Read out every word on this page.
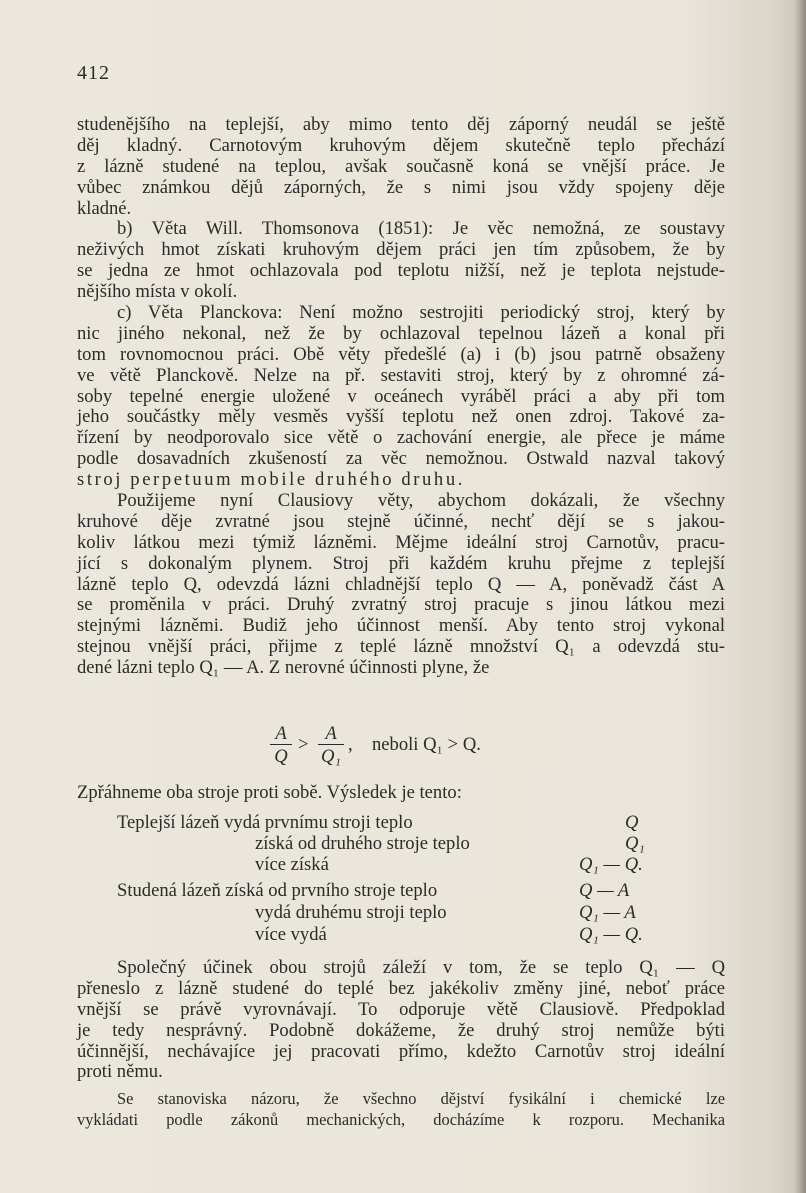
412
studenějšího na teplejší, aby mimo tento děj záporný neudál se ještě
děj kladný. Carnotovým kruhovým dějem skutečně teplo přechází
z lázně studené na teplou, avšak současně koná se vnější práce. Je
vůbec známkou dějů záporných, že s nimi jsou vždy spojeny děje
kladné.
b) Věta Will. Thomsonova (1851): Je věc nemožná, ze soustavy
neživých hmot získati kruhovým dějem práci jen tím způsobem, že by
se jedna ze hmot ochlazovala pod teplotu nižší, než je teplota nejstude-
nějšího místa v okolí.
c) Věta Planckova: Není možno sestrojiti periodický stroj, který by
nic jiného nekonal, než že by ochlazoval tepelnou lázeň a konal při
tom rovnomocnou práci. Obě věty předešlé (a) i (b) jsou patrně obsaženy
ve větě Planckově. Nelze na př. sestaviti stroj, který by z ohromné zá-
soby tepelné energie uložené v oceánech vyráběl práci a aby při tom
jeho součástky měly vesměs vyšší teplotu než onen zdroj. Takové za-
řízení by neodporovalo sice větě o zachování energie, ale přece je máme
podle dosavadních zkušeností za věc nemožnou. Ostwald nazval takový
stroj perpetuum mobile druhého druhu.
Použijeme nyní Clausiovy věty, abychom dokázali, že všechny
kruhové děje zvratné jsou stejně účinné, nechť dějí se s jakou-
koliv látkou mezi týmiž lázněmi. Mějme ideální stroj Carnotův, pracu-
jící s dokonalým plynem. Stroj při každém kruhu přejme z teplejší
lázně teplo Q, odevzdá lázni chladnější teplo Q — A, poněvadž část A
se proměnila v práci. Druhý zvratný stroj pracuje s jinou látkou mezi
stejnými lázněmi. Budiž jeho účinnost menší. Aby tento stroj vykonal
stejnou vnější práci, přijme z teplé lázně množství Q₁ a odevzdá stu-
dené lázni teplo Q₁ — A. Z nerovné účinnosti plyne, že
A
Q
>
A
Q₁
, neboli Q₁ > Q.
Zpřáhneme oba stroje proti sobě. Výsledek je tento:
Teplejší lázeň vydá prvnímu stroji teplo	Q
získá od druhého stroje teplo	Q₁
více získá	Q₁ — Q.
Studená lázeň získá od prvního stroje teplo	Q — A
vydá druhému stroji teplo	Q₁ — A
více vydá	Q₁ — Q.
Společný účinek obou strojů záleží v tom, že se teplo Q₁ — Q
přeneslo z lázně studené do teplé bez jakékoliv změny jiné, neboť práce
vnější se právě vyrovnávají. To odporuje větě Clausiově. Předpoklad
je tedy nesprávný. Podobně dokážeme, že druhý stroj nemůže býti
účinnější, nechávajíce jej pracovati přímo, kdežto Carnotův stroj ideální
proti němu.
Se stanoviska názoru, že všechno dějství fysikální i chemické lze
vykládati podle zákonů mechanických, docházíme k rozporu. Mechanika
